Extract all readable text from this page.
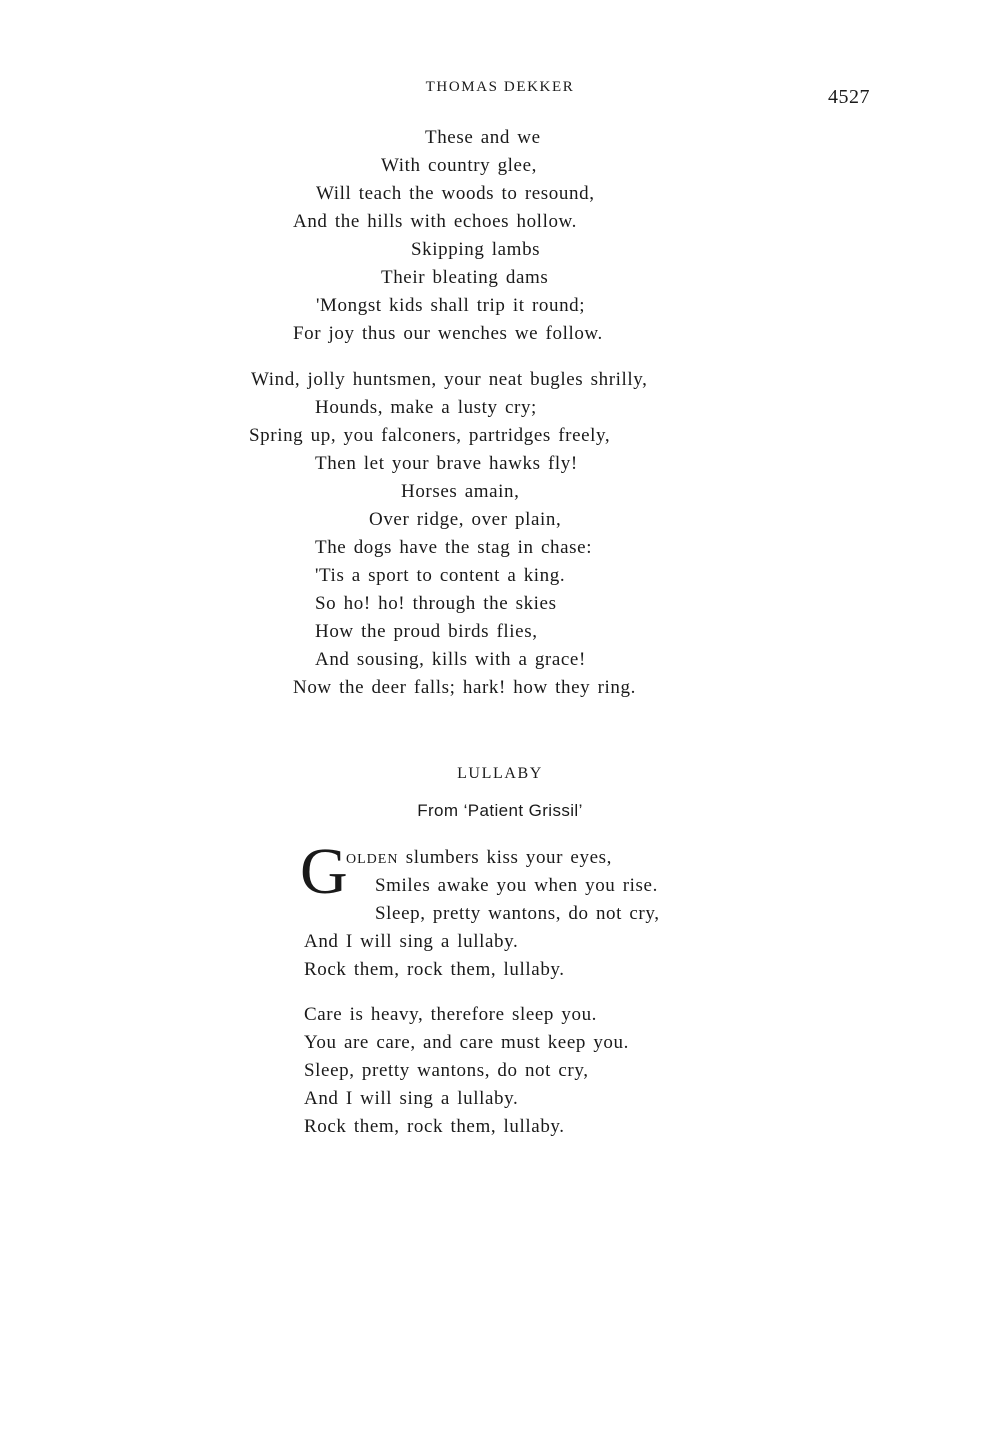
THOMAS DEKKER	4527
These and we
With country glee,
Will teach the woods to resound,
And the hills with echoes hollow.
Skipping lambs
Their bleating dams
'Mongst kids shall trip it round;
For joy thus our wenches we follow.
Wind, jolly huntsmen, your neat bugles shrilly,
Hounds, make a lusty cry;
Spring up, you falconers, partridges freely,
Then let your brave hawks fly!
Horses amain,
Over ridge, over plain,
The dogs have the stag in chase:
'Tis a sport to content a king.
So ho! ho! through the skies
How the proud birds flies,
And sousing, kills with a grace!
Now the deer falls; hark! how they ring.
LULLABY
From ‘Patient Grissil’
G
OLDEN slumbers kiss your eyes,
Smiles awake you when you rise.
Sleep, pretty wantons, do not cry,
And I will sing a lullaby.
Rock them, rock them, lullaby.
Care is heavy, therefore sleep you.
You are care, and care must keep you.
Sleep, pretty wantons, do not cry,
And I will sing a lullaby.
Rock them, rock them, lullaby.
